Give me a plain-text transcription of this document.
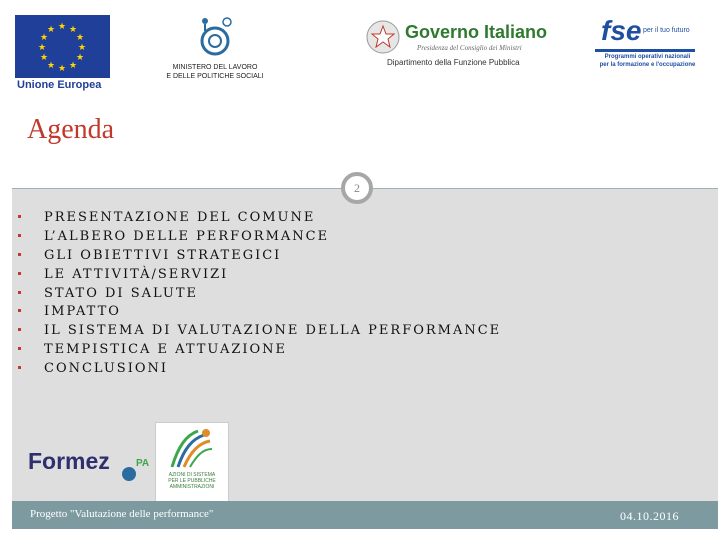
★ ★
★
★
★
★
★
★
★
★
★
★
Unione Europea
MINISTERO DEL LAVORO
E DELLE POLITICHE SOCIALI
Governo Italiano
Presidenza del Consiglio dei Ministri
Dipartimento della Funzione Pubblica
fse per il tuo futuro
Programmi operativi nazionali
per la formazione e l'occupazione
Agenda
2
PRESENTAZIONE DEL COMUNE
L’ALBERO DELLE PERFORMANCE
GLI OBIETTIVI STRATEGICI
LE ATTIVITÀ/SERVIZI
STATO DI SALUTE
IMPATTO
IL SISTEMA DI VALUTAZIONE DELLA PERFORMANCE
TEMPISTICA E ATTUAZIONE
CONCLUSIONI
Formez	PA
AZIONI DI SISTEMA
PER LE PUBBLICHE
AMMINISTRAZIONI
Progetto "Valutazione delle performance"	04.10.2016
